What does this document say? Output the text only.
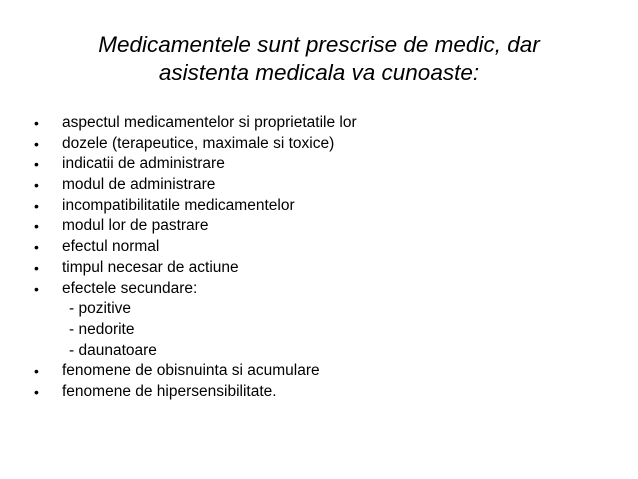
Medicamentele sunt prescrise de medic, dar
asistenta medicala va cunoaste:
• aspectul medicamentelor si proprietatile lor
• dozele (terapeutice, maximale si toxice)
• indicatii de administrare
• modul de administrare
• incompatibilitatile medicamentelor
• modul lor de pastrare
• efectul normal
• timpul necesar de actiune
• efectele secundare:
- pozitive
- nedorite
- daunatoare
• fenomene de obisnuinta si acumulare
• fenomene de hipersensibilitate.
